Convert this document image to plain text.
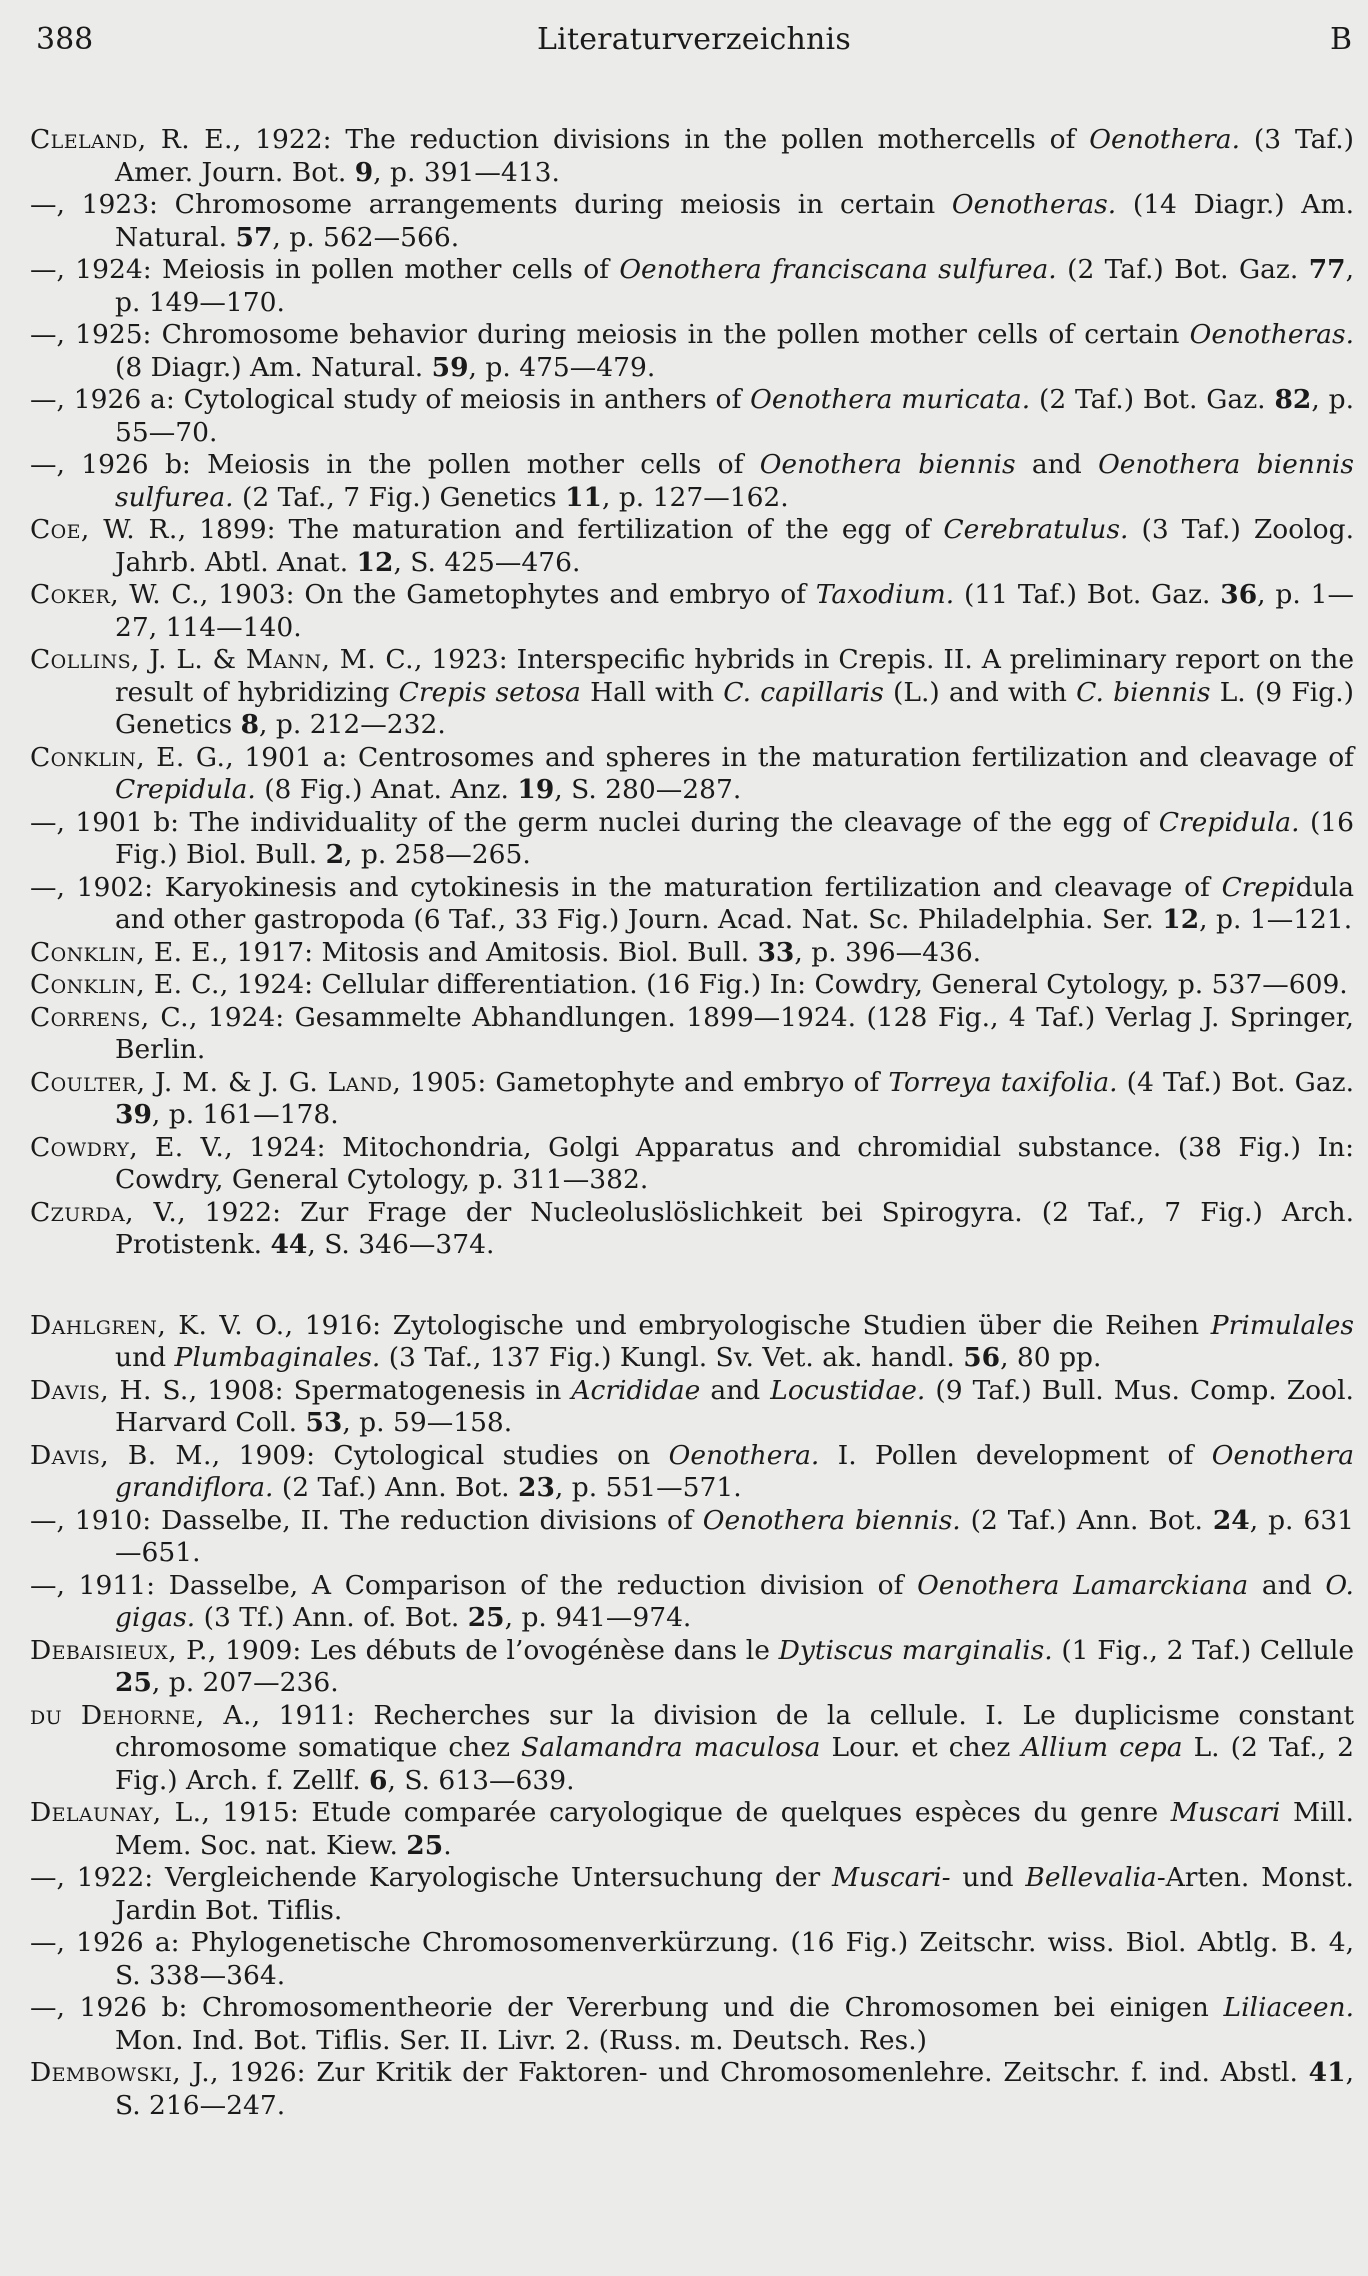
388	Literaturverzeichnis	B

Cleland, R. E., 1922: The reduction divisions in the pollen mothercells of Oenothera. (3 Taf.) Amer. Journ. Bot. 9, p. 391—413.

—, 1923: Chromosome arrangements during meiosis in certain Oenotheras. (14 Diagr.) Am. Natural. 57, p. 562—566.

—, 1924: Meiosis in pollen mother cells of Oenothera franciscana sulfurea. (2 Taf.) Bot. Gaz. 77, p. 149—170.

—, 1925: Chromosome behavior during meiosis in the pollen mother cells of certain Oenotheras. (8 Diagr.) Am. Natural. 59, p. 475—479.

—, 1926 a: Cytological study of meiosis in anthers of Oenothera muricata. (2 Taf.) Bot. Gaz. 82, p. 55—70.

—, 1926 b: Meiosis in the pollen mother cells of Oenothera biennis and Oenothera biennis sulfurea. (2 Taf., 7 Fig.) Genetics 11, p. 127—162.

Coe, W. R., 1899: The maturation and fertilization of the egg of Cerebratulus. (3 Taf.) Zoolog. Jahrb. Abtl. Anat. 12, S. 425—476.

Coker, W. C., 1903: On the Gametophytes and embryo of Taxodium. (11 Taf.) Bot. Gaz. 36, p. 1—27, 114—140.

Collins, J. L. & Mann, M. C., 1923: Interspecific hybrids in Crepis. II. A preliminary report on the result of hybridizing Crepis setosa Hall with C. capillaris (L.) and with C. biennis L. (9 Fig.) Genetics 8, p. 212—232.

Conklin, E. G., 1901 a: Centrosomes and spheres in the maturation fertilization and cleavage of Crepidula. (8 Fig.) Anat. Anz. 19, S. 280—287.

—, 1901 b: The individuality of the germ nuclei during the cleavage of the egg of Crepidula. (16 Fig.) Biol. Bull. 2, p. 258—265.

—, 1902: Karyokinesis and cytokinesis in the maturation fertilization and cleavage of Crepidula and other gastropoda (6 Taf., 33 Fig.) Journ. Acad. Nat. Sc. Philadelphia. Ser. 12, p. 1—121.

Conklin, E. E., 1917: Mitosis and Amitosis. Biol. Bull. 33, p. 396—436.

Conklin, E. C., 1924: Cellular differentiation. (16 Fig.) In: Cowdry, General Cytology, p. 537—609.

Correns, C., 1924: Gesammelte Abhandlungen. 1899—1924. (128 Fig., 4 Taf.) Verlag J. Springer, Berlin.

Coulter, J. M. & J. G. Land, 1905: Gametophyte and embryo of Torreya taxifolia. (4 Taf.) Bot. Gaz. 39, p. 161—178.

Cowdry, E. V., 1924: Mitochondria, Golgi Apparatus and chromidial substance. (38 Fig.) In: Cowdry, General Cytology, p. 311—382.

Czurda, V., 1922: Zur Frage der Nucleoluslöslichkeit bei Spirogyra. (2 Taf., 7 Fig.) Arch. Protistenk. 44, S. 346—374.

Dahlgren, K. V. O., 1916: Zytologische und embryologische Studien über die Reihen Primulales und Plumbaginales. (3 Taf., 137 Fig.) Kungl. Sv. Vet. ak. handl. 56, 80 pp.

Davis, H. S., 1908: Spermatogenesis in Acrididae and Locustidae. (9 Taf.) Bull. Mus. Comp. Zool. Harvard Coll. 53, p. 59—158.

Davis, B. M., 1909: Cytological studies on Oenothera. I. Pollen development of Oenothera grandiflora. (2 Taf.) Ann. Bot. 23, p. 551—571.

—, 1910: Dasselbe, II. The reduction divisions of Oenothera biennis. (2 Taf.) Ann. Bot. 24, p. 631—651.

—, 1911: Dasselbe, A Comparison of the reduction division of Oenothera Lamarckiana and O. gigas. (3 Tf.) Ann. of. Bot. 25, p. 941—974.

Debaisieux, P., 1909: Les débuts de l’ovogénèse dans le Dytiscus marginalis. (1 Fig., 2 Taf.) Cellule 25, p. 207—236.

du Dehorne, A., 1911: Recherches sur la division de la cellule. I. Le duplicisme constant chromosome somatique chez Salamandra maculosa Lour. et chez Allium cepa L. (2 Taf., 2 Fig.) Arch. f. Zellf. 6, S. 613—639.

Delaunay, L., 1915: Etude comparée caryologique de quelques espèces du genre Muscari Mill. Mem. Soc. nat. Kiew. 25.

—, 1922: Vergleichende Karyologische Untersuchung der Muscari- und Bellevalia-Arten. Monst. Jardin Bot. Tiflis.

—, 1926 a: Phylogenetische Chromosomenverkürzung. (16 Fig.) Zeitschr. wiss. Biol. Abtlg. B. 4, S. 338—364.

—, 1926 b: Chromosomentheorie der Vererbung und die Chromosomen bei einigen Liliaceen. Mon. Ind. Bot. Tiflis. Ser. II. Livr. 2. (Russ. m. Deutsch. Res.)

Dembowski, J., 1926: Zur Kritik der Faktoren- und Chromosomenlehre. Zeitschr. f. ind. Abstl. 41, S. 216—247.
